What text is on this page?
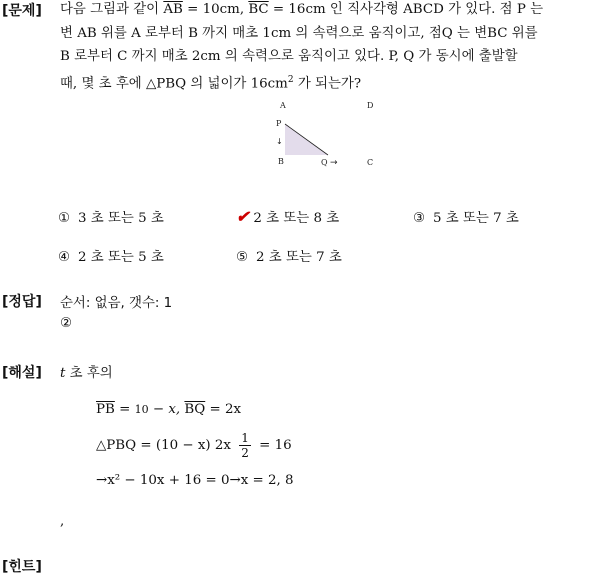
[문제]
[정답]
[해설]
[힌트]
다음 그림과 같이 $\overline{AB} = 10cm$, $\overline{BC} = 16cm$ 인 직사각형 ABCD 가 있다. 점 P 는
변 AB 위를 A 로부터 B 까지 매초 1cm 의 속력으로 움직이고, 점Q 는 변BC 위를
B 로부터 C 까지 매초 2cm 의 속력으로 움직이고 있다. P, Q 가 동시에 출발할
때, 몇 초 후에 △PBQ 의 넓이가 $16cm^2$ 가 되는가?
A	D
P
↓
B	Q →	C
① 3 초 또는 5 초	✔ 2 초 또는 8 초	③ 5 초 또는 7 초
④ 2 초 또는 5 초	⑤ 2 초 또는 7 초
순서: 없음, 갯수: 1
②
t 초 후의
$\overline{PB} = 10 - x$, $\overline{BQ} = 2x$
△PBQ = (10 − x) $2x \frac{1}{2} = 16$
→x² − 10x + 16 = 0→x = 2, 8
,
